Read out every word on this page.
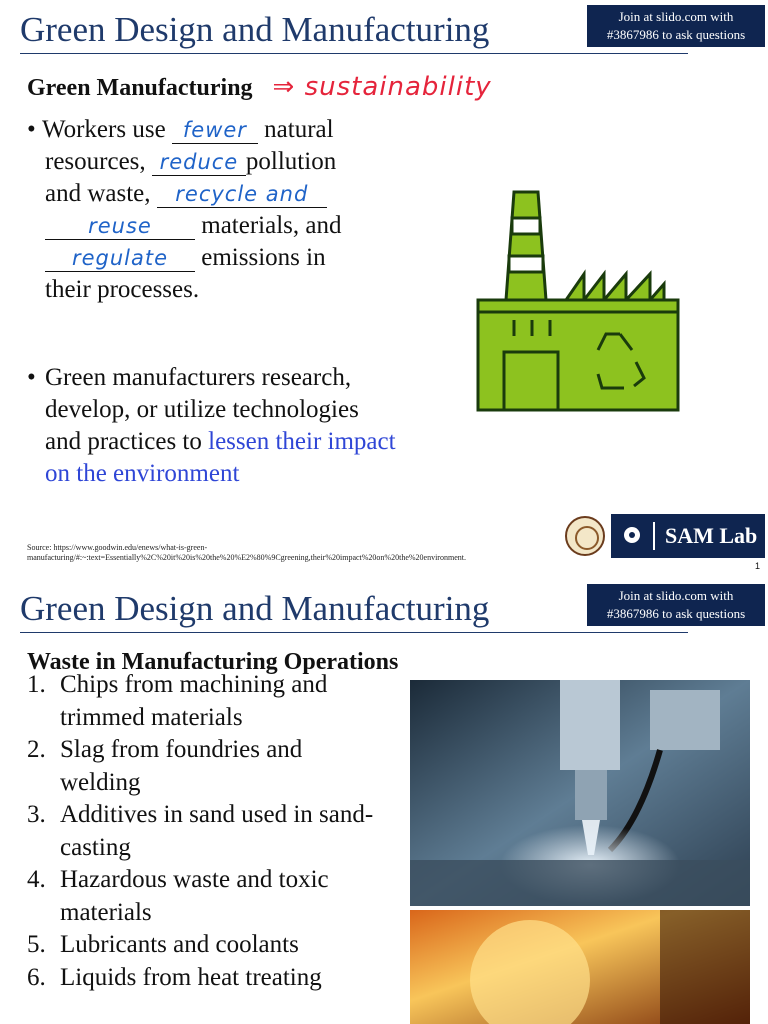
Green Design and Manufacturing	Join at slido.com with
#3867986 to ask questions
Green Manufacturing ⇒ sustainability
• Workers use fewer natural
resources, reduce pollution
and waste, recycle and
reuse materials, and
regulate emissions in
their processes.
• Green manufacturers research, develop, or utilize technologies and practices to lessen their impact on the environment
Source: https://www.goodwin.edu/enews/what-is-green-manufacturing/#:~:text=Essentially%2C%20it%20is%20the%20%E2%80%9Cgreening,their%20impact%20on%20the%20environment.
SAM Lab
1
Green Design and Manufacturing	Join at slido.com with
#3867986 to ask questions
Waste in Manufacturing Operations
1. Chips from machining and trimmed materials
2. Slag from foundries and welding
3. Additives in sand used in sand-casting
4. Hazardous waste and toxic materials
5. Lubricants and coolants
6. Liquids from heat treating
